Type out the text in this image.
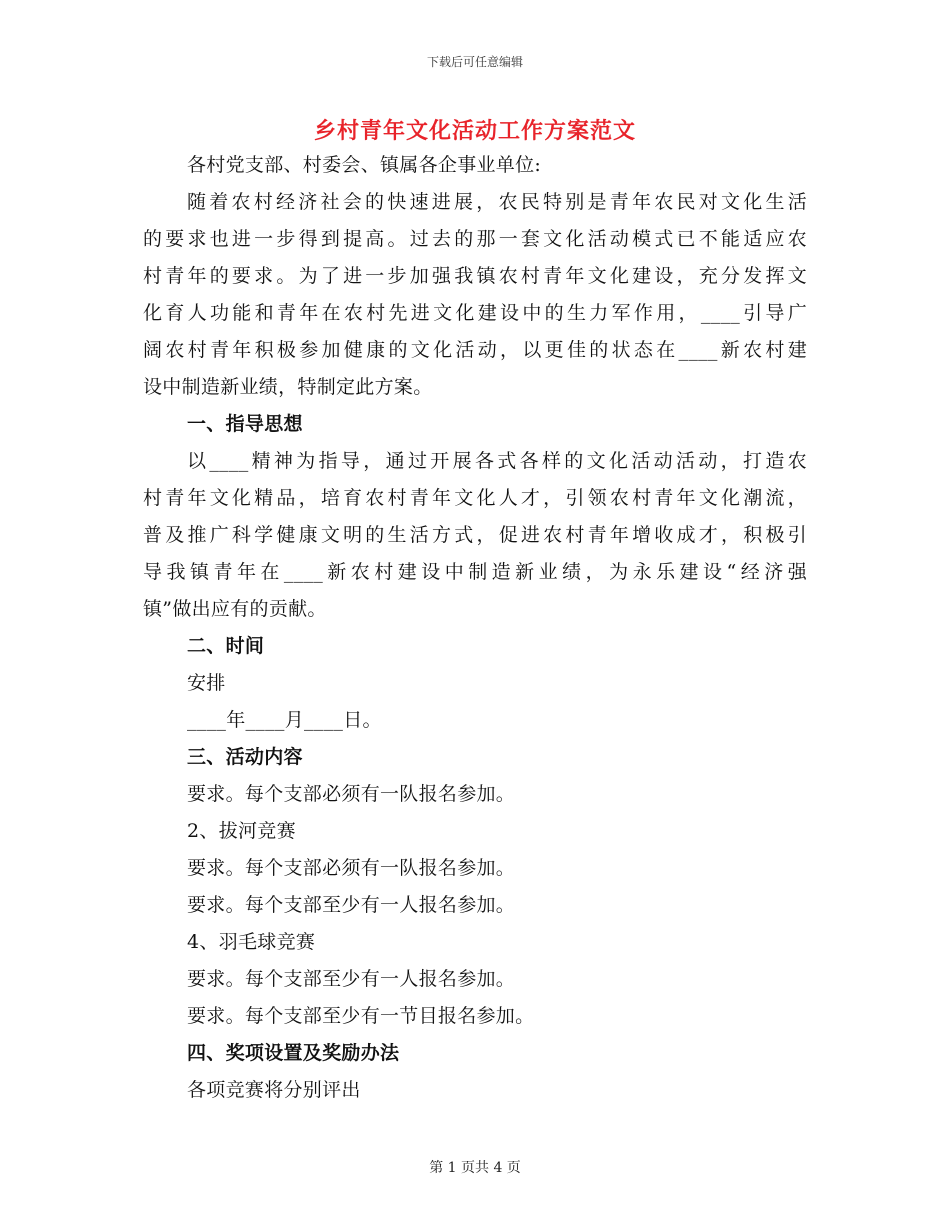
下载后可任意编辑
乡村青年文化活动工作方案范文
各村党支部、村委会、镇属各企事业单位:
随着农村经济社会的快速进展，农民特别是青年农民对文化生活
的要求也进一步得到提高。过去的那一套文化活动模式已不能适应农
村青年的要求。为了进一步加强我镇农村青年文化建设，充分发挥文
化育人功能和青年在农村先进文化建设中的生力军作用，____引导广
阔农村青年积极参加健康的文化活动，以更佳的状态在____新农村建
设中制造新业绩，特制定此方案。
一、指导思想
以____精神为指导，通过开展各式各样的文化活动活动，打造农
村青年文化精品，培育农村青年文化人才，引领农村青年文化潮流，
普及推广科学健康文明的生活方式，促进农村青年增收成才，积极引
导我镇青年在____新农村建设中制造新业绩，为永乐建设“经济强
镇”做出应有的贡献。
二、时间
安排
____年____月____日。
三、活动内容
要求。每个支部必须有一队报名参加。
2、拔河竞赛
要求。每个支部必须有一队报名参加。
要求。每个支部至少有一人报名参加。
4、羽毛球竞赛
要求。每个支部至少有一人报名参加。
要求。每个支部至少有一节目报名参加。
四、奖项设置及奖励办法
各项竞赛将分别评出
第 1 页共 4 页
